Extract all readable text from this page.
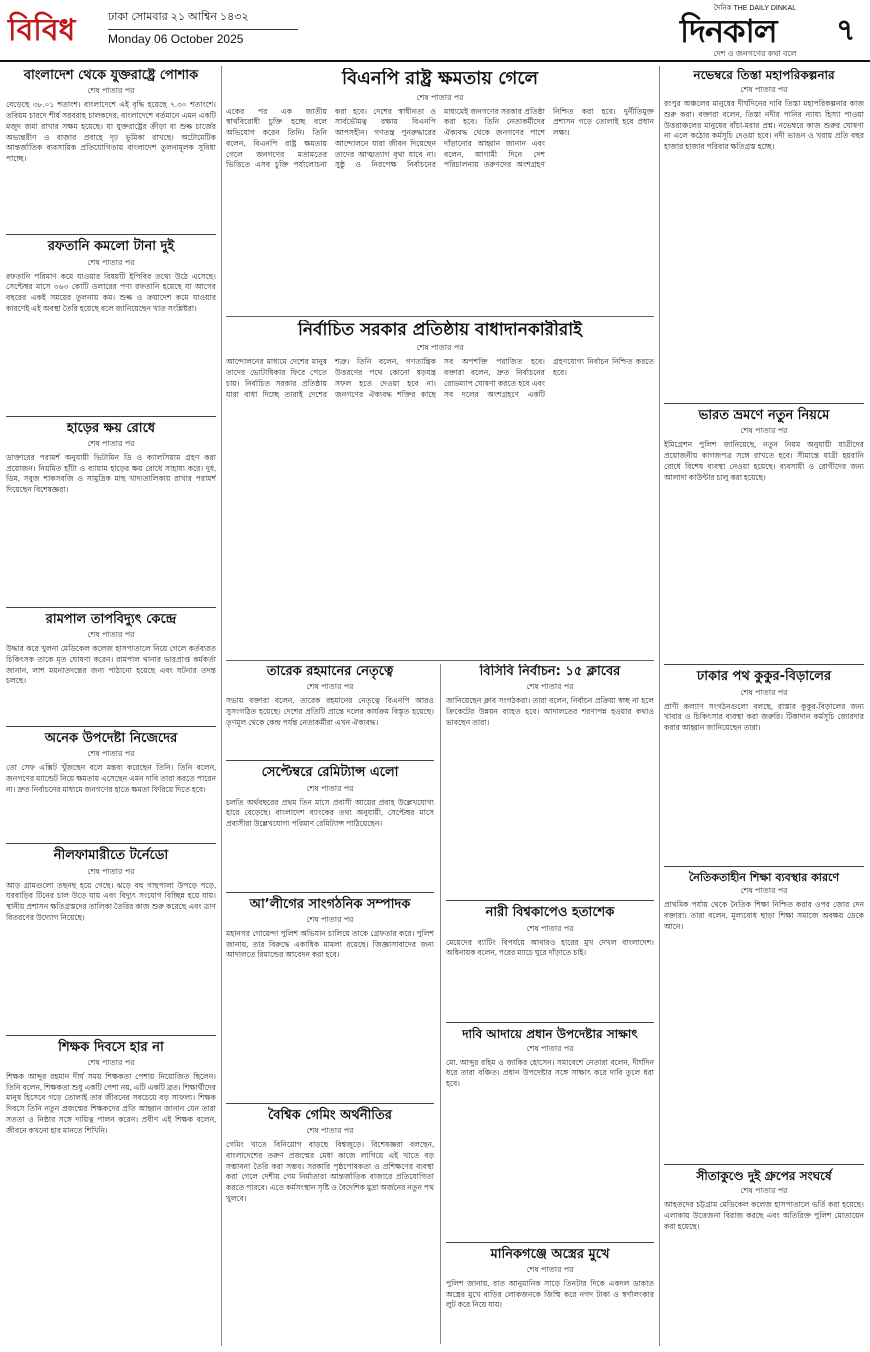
বিবিধ	ঢাকা সোমবার ২১ আশ্বিন ১৪৩২
Monday 06 October 2025
দৈনিক THE DAILY DINKAL
দিনকাল
দেশ ও জনগণের কথা বলে
৭
বাংলাদেশ থেকে যুক্তরাষ্ট্রে পোশাক
শেষ পাতার পর
বেড়েছে ৩৮.০১ শতাংশ। বাংলাদেশে এই বৃদ্ধি হয়েছে ৭.৩০ শতাংশে। তবিয়ম চারদে শীর্ষ সরবরাহ চালকদের, বাংলাদেশে বর্তমানে এমন একটি মজুদ জমা রাখার সক্ষম হয়েছে। যা যুক্তরাষ্ট্রের ক্রীড়া বা শুল্ক চার্জের অভ্যন্তরীণ ও বাজার প্রবাহে দৃঢ় ভূমিকা রাখছে। অটোমেটিক আন্তর্জাতিক ব্যবসায়িক প্রতিযোগিতায় বাংলাদেশ তুলনামূলক সুবিধা পাচ্ছে।
রফতানি কমলো টানা দুই
শেষ পাতার পর
রফতানি পরিমাণ কমে যাওয়ার বিষয়টি ইপিবির তথ্যে উঠে এসেছে। সেপ্টেম্বর মাসে ৩৬৩ কোটি ডলারের পণ্য রফতানি হয়েছে যা আগের বছরের একই সময়ের তুলনায় কম। শুল্ক ও ক্রয়াদেশ কমে যাওয়ার কারণেই এই অবস্থা তৈরি হয়েছে বলে জানিয়েছেন খাত সংশ্লিষ্টরা।
হাড়ের ক্ষয় রোধে
শেষ পাতার পর
ডাক্তারের পরামর্শ অনুযায়ী ভিটামিন ডি ও ক্যালসিয়াম গ্রহণ করা প্রয়োজন। নিয়মিত হাঁটা ও ব্যায়াম হাড়ের ক্ষয় রোধে সাহায্য করে। দুধ, ডিম, সবুজ শাকসবজি ও সামুদ্রিক মাছ খাদ্যতালিকায় রাখার পরামর্শ দিয়েছেন বিশেষজ্ঞরা।
রামপাল তাপবিদ্যুৎ কেন্দ্রে
শেষ পাতার পর
উদ্ধার করে খুলনা মেডিকেল কলেজ হাসপাতালে নিয়ে গেলে কর্তব্যরত চিকিৎসক তাকে মৃত ঘোষণা করেন। রামপাল থানার ভারপ্রাপ্ত কর্মকর্তা জানান, লাশ ময়নাতদন্তের জন্য পাঠানো হয়েছে এবং ঘটনার তদন্ত চলছে।
অনেক উপদেষ্টা নিজেদের
শেষ পাতার পর
তো সেফ এক্সিট খুঁজছেন বলে মন্তব্য করেছেন তিনি। তিনি বলেন, জনগণের ম্যান্ডেট নিয়ে ক্ষমতায় এসেছেন এমন দাবি তারা করতে পারেন না। দ্রুত নির্বাচনের মাধ্যমে জনগণের হাতে ক্ষমতা ফিরিয়ে দিতে হবে।
নীলফামারীতে টর্নেডো
শেষ পাতার পর
আড় গ্রামগুলো তছনছ হয়ে গেছে। ঝড়ে বহু গাছপালা উপড়ে পড়ে, ঘরবাড়ির টিনের চাল উড়ে যায় এবং বিদ্যুৎ সংযোগ বিচ্ছিন্ন হয়ে যায়। স্থানীয় প্রশাসন ক্ষতিগ্রস্তদের তালিকা তৈরির কাজ শুরু করেছে এবং ত্রাণ বিতরণের উদ্যোগ নিয়েছে।
শিক্ষক দিবসে হার না
শেষ পাতার পর
শিক্ষক আব্দুর রহমান দীর্ঘ সময় শিক্ষকতা পেশায় নিয়োজিত ছিলেন। তিনি বলেন, শিক্ষকতা শুধু একটি পেশা নয়, এটি একটি ব্রত। শিক্ষার্থীদের মানুষ হিসেবে গড়ে তোলাই তার জীবনের সবচেয়ে বড় সাফল্য। শিক্ষক দিবসে তিনি নতুন প্রজন্মের শিক্ষকদের প্রতি আহ্বান জানান যেন তারা সততা ও নিষ্ঠার সঙ্গে দায়িত্ব পালন করেন। প্রবীণ এই শিক্ষক বলেন, জীবনে কখনো হার মানতে শিখিনি।
বিএনপি রাষ্ট্র ক্ষমতায় গেলে
শেষ পাতার পর
একের পর এক জাতীয় স্বার্থবিরোধী চুক্তি হচ্ছে বলে অভিযোগ করেন তিনি। তিনি বলেন, বিএনপি রাষ্ট্র ক্ষমতায় গেলে জনগণের মতামতের ভিত্তিতে এসব চুক্তি পর্যালোচনা করা হবে। দেশের স্বাধীনতা ও সার্বভৌমত্ব রক্ষায় বিএনপি আপসহীন। গণতন্ত্র পুনরুদ্ধারের আন্দোলনে যারা জীবন দিয়েছেন তাদের আত্মত্যাগ বৃথা যাবে না। সুষ্ঠু ও নিরপেক্ষ নির্বাচনের মাধ্যমেই জনগণের সরকার প্রতিষ্ঠা করা হবে। তিনি নেতাকর্মীদের ঐক্যবদ্ধ থেকে জনগণের পাশে দাঁড়ানোর আহ্বান জানান এবং বলেন, আগামী দিনে দেশ পরিচালনায় তরুণদের অংশগ্রহণ নিশ্চিত করা হবে। দুর্নীতিমুক্ত প্রশাসন গড়ে তোলাই হবে প্রধান লক্ষ্য।
নির্বাচিত সরকার প্রতিষ্ঠায় বাধাদানকারীরাই
শেষ পাতার পর
আন্দোলনের মাধ্যমে দেশের মানুষ তাদের ভোটাধিকার ফিরে পেতে চায়। নির্বাচিত সরকার প্রতিষ্ঠায় যারা বাধা দিচ্ছে তারাই দেশের শত্রু। তিনি বলেন, গণতান্ত্রিক উত্তরণের পথে কোনো ষড়যন্ত্র সফল হতে দেওয়া হবে না। জনগণের ঐক্যবদ্ধ শক্তির কাছে সব অপশক্তি পরাজিত হবে। বক্তারা বলেন, দ্রুত নির্বাচনের রোডম্যাপ ঘোষণা করতে হবে এবং সব দলের অংশগ্রহণে একটি গ্রহণযোগ্য নির্বাচন নিশ্চিত করতে হবে।
তারেক রহমানের নেতৃত্বে
শেষ পাতার পর
সভায় বক্তারা বলেন, তারেক রহমানের নেতৃত্বে বিএনপি আরও সুসংগঠিত হয়েছে। দেশের প্রতিটি প্রান্তে দলের কার্যক্রম বিস্তৃত হয়েছে। তৃণমূল থেকে কেন্দ্র পর্যন্ত নেতাকর্মীরা এখন ঐক্যবদ্ধ।
সেপ্টেম্বরে রেমিট্যান্স এলো
শেষ পাতার পর
চলতি অর্থবছরের প্রথম তিন মাসে প্রবাসী আয়ের প্রবাহ উল্লেখযোগ্য হারে বেড়েছে। বাংলাদেশ ব্যাংকের তথ্য অনুযায়ী, সেপ্টেম্বর মাসে প্রবাসীরা উল্লেখযোগ্য পরিমাণ রেমিট্যান্স পাঠিয়েছেন।
আ’লীগের সাংগঠনিক সম্পাদক
শেষ পাতার পর
মহানগর গোয়েন্দা পুলিশ অভিযান চালিয়ে তাকে গ্রেফতার করে। পুলিশ জানায়, তার বিরুদ্ধে একাধিক মামলা রয়েছে। জিজ্ঞাসাবাদের জন্য আদালতে রিমান্ডের আবেদন করা হবে।
বৈশ্বিক গেমিং অর্থনীতির
শেষ পাতার পর
গেমিং খাতে বিনিয়োগ বাড়ছে বিশ্বজুড়ে। বিশেষজ্ঞরা বলছেন, বাংলাদেশের তরুণ প্রজন্মের মেধা কাজে লাগিয়ে এই খাতে বড় সম্ভাবনা তৈরি করা সম্ভব। সরকারি পৃষ্ঠপোষকতা ও প্রশিক্ষণের ব্যবস্থা করা গেলে দেশীয় গেম নির্মাতারা আন্তর্জাতিক বাজারে প্রতিযোগিতা করতে পারবে। এতে কর্মসংস্থান সৃষ্টি ও বৈদেশিক মুদ্রা অর্জনের নতুন পথ খুলবে।
বিসিবি নির্বাচন: ১৫ ক্লাবের
শেষ পাতার পর
জানিয়েছেন ক্লাব সংগঠকরা। তারা বলেন, নির্বাচন প্রক্রিয়া স্বচ্ছ না হলে ক্রিকেটের উন্নয়ন ব্যাহত হবে। আদালতের শরণাপন্ন হওয়ার কথাও ভাবছেন তারা।
নারী বিশ্বকাপেও হতাশেক
শেষ পাতার পর
মেয়েদের ব্যাটিং বিপর্যয়ে আবারও হারের মুখ দেখল বাংলাদেশ। অধিনায়ক বলেন, পরের ম্যাচে ঘুরে দাঁড়াতে চাই।
দাবি আদায়ে প্রধান উপদেষ্টার সাক্ষাৎ
শেষ পাতার পর
মো. আব্দুর রহিম ও জাকির হোসেন। সমাবেশে নেতারা বলেন, দীর্ঘদিন ধরে তারা বঞ্চিত। প্রধান উপদেষ্টার সঙ্গে সাক্ষাৎ করে দাবি তুলে ধরা হবে।
মানিকগঞ্জে অস্ত্রের মুখে
শেষ পাতার পর
পুলিশ জানায়, রাত আনুমানিক সাড়ে তিনটার দিকে একদল ডাকাত অস্ত্রের মুখে বাড়ির লোকজনকে জিম্মি করে নগদ টাকা ও স্বর্ণালংকার লুট করে নিয়ে যায়।
নভেম্বরে তিস্তা মহাপরিকল্পনার
শেষ পাতার পর
রংপুর অঞ্চলের মানুষের দীর্ঘদিনের দাবি তিস্তা মহাপরিকল্পনার কাজ শুরু করা। বক্তারা বলেন, তিস্তা নদীর পানির ন্যায্য হিস্যা পাওয়া উত্তরাঞ্চলের মানুষের বাঁচা-মরার প্রশ্ন। নভেম্বরে কাজ শুরুর ঘোষণা না এলে কঠোর কর্মসূচি দেওয়া হবে। নদী ভাঙন ও খরায় প্রতি বছর হাজার হাজার পরিবার ক্ষতিগ্রস্ত হচ্ছে।
ভারত ভ্রমণে নতুন নিয়মে
শেষ পাতার পর
ইমিগ্রেশন পুলিশ জানিয়েছে, নতুন নিয়ম অনুযায়ী যাত্রীদের প্রয়োজনীয় কাগজপত্র সঙ্গে রাখতে হবে। সীমান্তে যাত্রী হয়রানি রোধে বিশেষ ব্যবস্থা নেওয়া হয়েছে। ব্যবসায়ী ও রোগীদের জন্য আলাদা কাউন্টার চালু করা হয়েছে।
ঢাকার পথ কুকুর-বিড়ালের
শেষ পাতার পর
প্রাণী কল্যাণ সংগঠনগুলো বলছে, রাস্তার কুকুর-বিড়ালের জন্য খাবার ও চিকিৎসার ব্যবস্থা করা জরুরি। টিকাদান কর্মসূচি জোরদার করার আহ্বান জানিয়েছেন তারা।
নৈতিকতাহীন শিক্ষা ব্যবস্থার কারণে
শেষ পাতার পর
প্রাথমিক পর্যায় থেকে নৈতিক শিক্ষা নিশ্চিত করার ওপর জোর দেন বক্তারা। তারা বলেন, মূল্যবোধ ছাড়া শিক্ষা সমাজে অবক্ষয় ডেকে আনে।
সীতাকুণ্ডে দুই গ্রুপের সংঘর্ষে
শেষ পাতার পর
আহতদের চট্টগ্রাম মেডিকেল কলেজ হাসপাতালে ভর্তি করা হয়েছে। এলাকায় উত্তেজনা বিরাজ করছে এবং অতিরিক্ত পুলিশ মোতায়েন করা হয়েছে।
